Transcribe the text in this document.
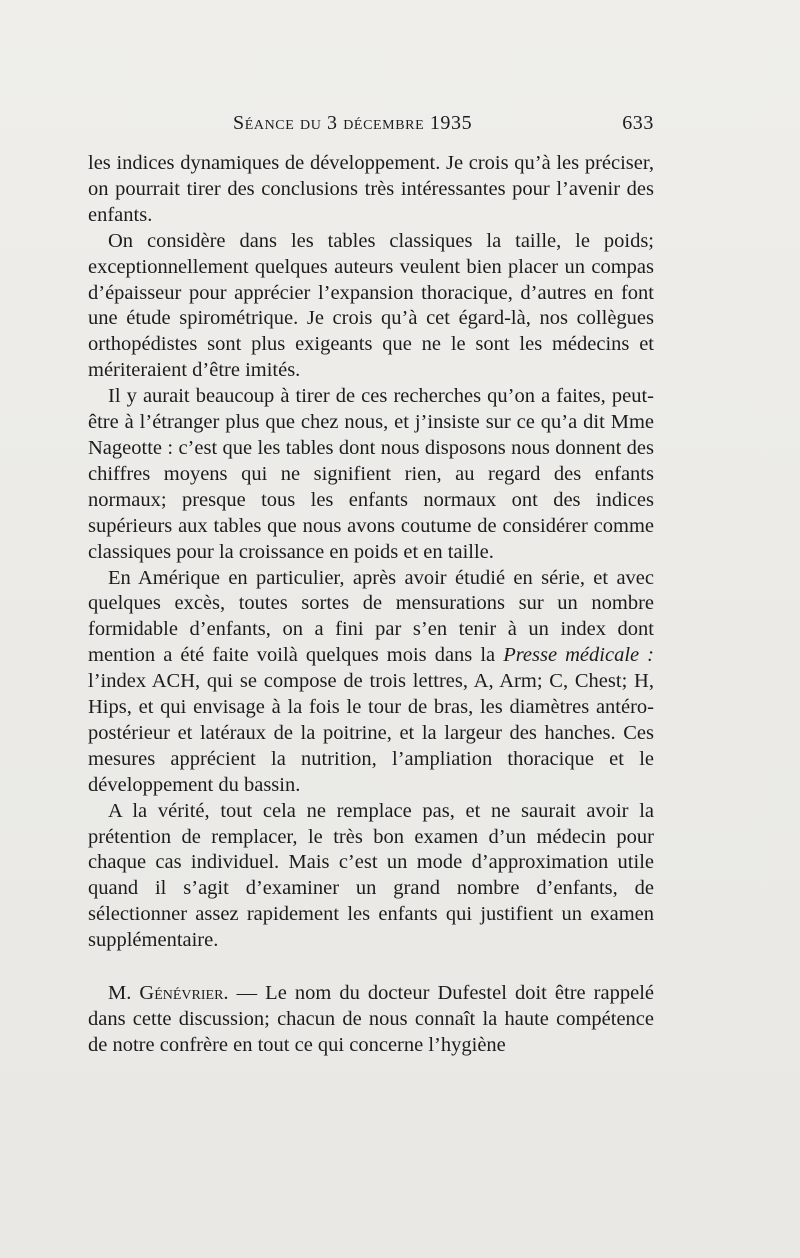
Séance du 3 décembre 1935	633

les indices dynamiques de développement. Je crois qu’à les préciser, on pourrait tirer des conclusions très intéressantes pour l’avenir des enfants.

On considère dans les tables classiques la taille, le poids; exceptionnellement quelques auteurs veulent bien placer un compas d’épaisseur pour apprécier l’expansion thoracique, d’autres en font une étude spirométrique. Je crois qu’à cet égard-là, nos collègues orthopédistes sont plus exigeants que ne le sont les médecins et mériteraient d’être imités.

Il y aurait beaucoup à tirer de ces recherches qu’on a faites, peut-être à l’étranger plus que chez nous, et j’insiste sur ce qu’a dit Mme Nageotte : c’est que les tables dont nous disposons nous donnent des chiffres moyens qui ne signifient rien, au regard des enfants normaux; presque tous les enfants normaux ont des indices supérieurs aux tables que nous avons coutume de considérer comme classiques pour la croissance en poids et en taille.

En Amérique en particulier, après avoir étudié en série, et avec quelques excès, toutes sortes de mensurations sur un nombre formidable d’enfants, on a fini par s’en tenir à un index dont mention a été faite voilà quelques mois dans la Presse médicale : l’index ACH, qui se compose de trois lettres, A, Arm; C, Chest; H, Hips, et qui envisage à la fois le tour de bras, les diamètres antéro-postérieur et latéraux de la poitrine, et la largeur des hanches. Ces mesures apprécient la nutrition, l’ampliation thoracique et le développement du bassin.

A la vérité, tout cela ne remplace pas, et ne saurait avoir la prétention de remplacer, le très bon examen d’un médecin pour chaque cas individuel. Mais c’est un mode d’approximation utile quand il s’agit d’examiner un grand nombre d’enfants, de sélectionner assez rapidement les enfants qui justifient un examen supplémentaire.

M. Génévrier. — Le nom du docteur Dufestel doit être rappelé dans cette discussion; chacun de nous connaît la haute compétence de notre confrère en tout ce qui concerne l’hygiène
